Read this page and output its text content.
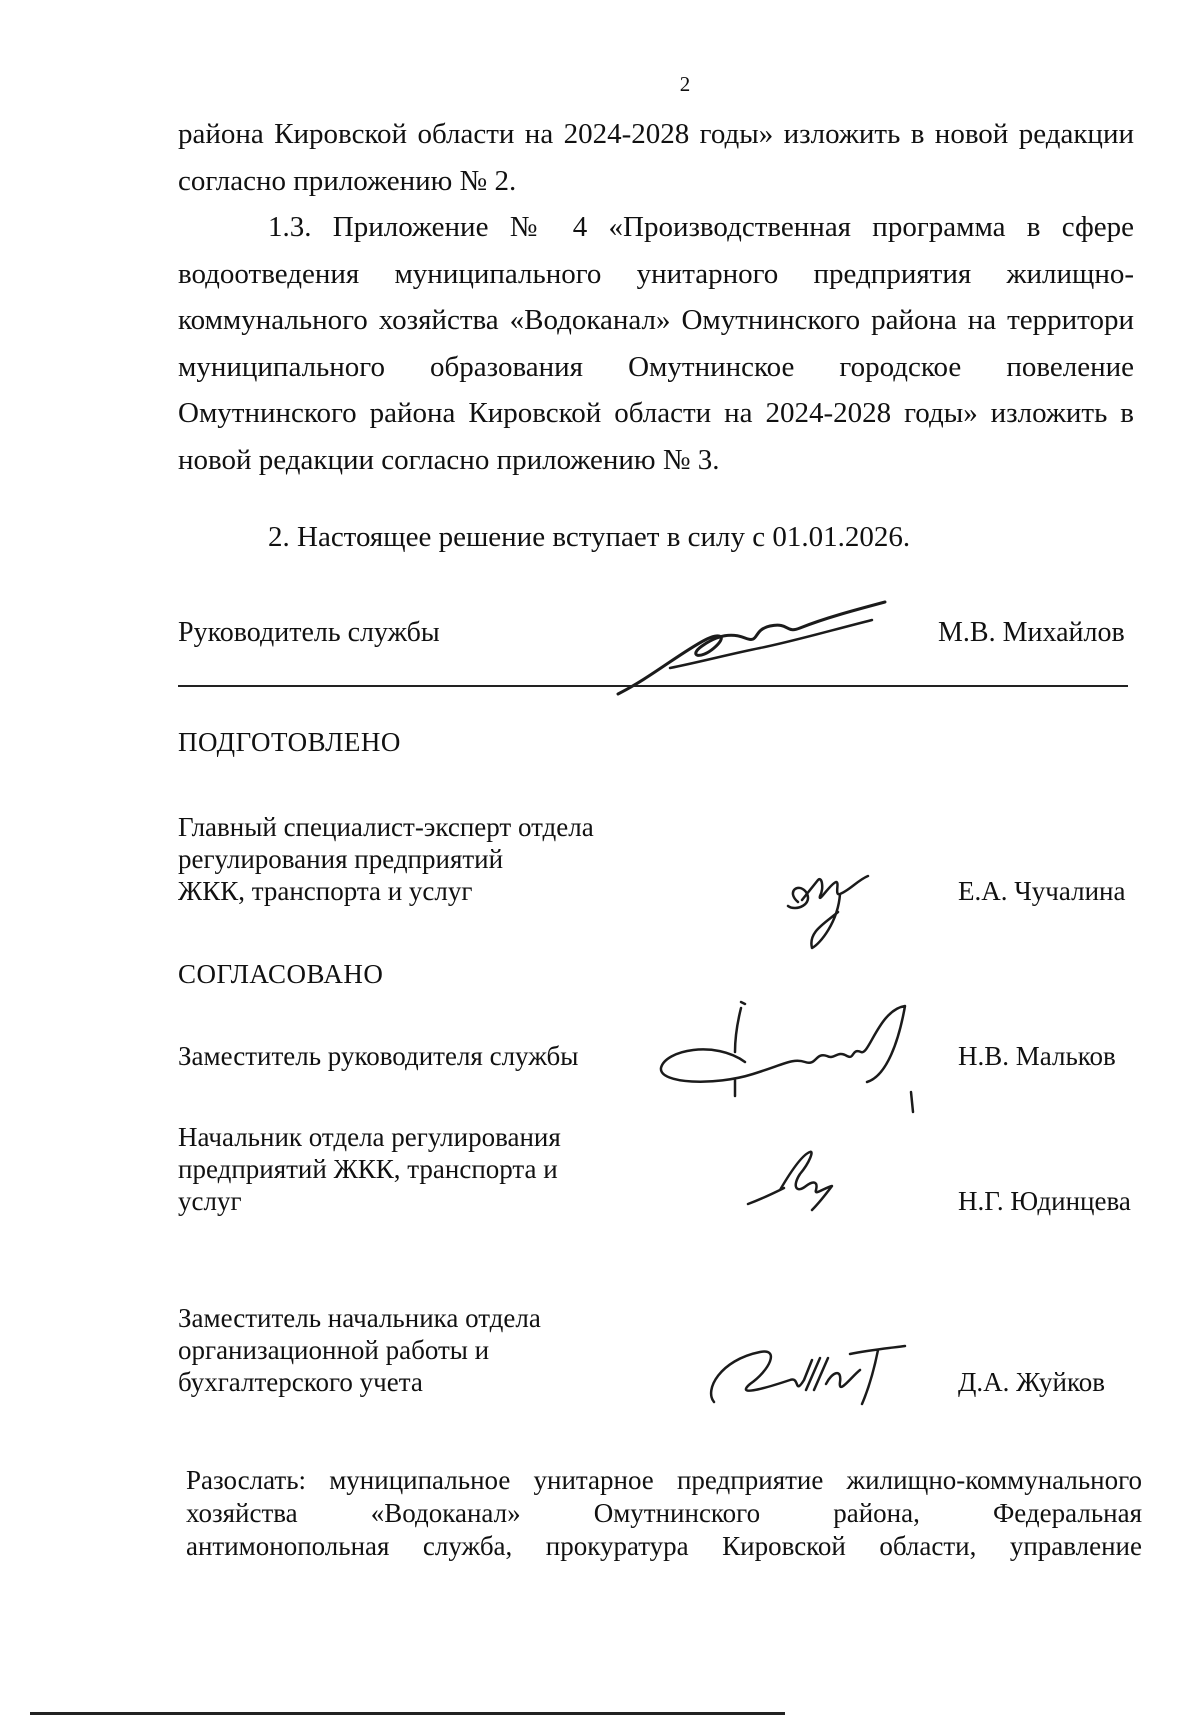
2
района Кировской области на 2024-2028 годы» изложить в новой редакции
согласно приложению № 2.
1.3. Приложение № 4 «Производственная программа в сфере
водоотведения муниципального унитарного предприятия жилищно-
коммунального хозяйства «Водоканал» Омутнинского района на территори
муниципального образования Омутнинское городское повеление
Омутнинского района Кировской области на 2024-2028 годы» изложить в
новой редакции согласно приложению № 3.
2. Настоящее решение вступает в силу с 01.01.2026.
Руководитель службы	М.В. Михайлов
ПОДГОТОВЛЕНО
Главный специалист-эксперт отдела
регулирования предприятий
ЖКК, транспорта и услуг	Е.А. Чучалина
СОГЛАСОВАНО
Заместитель руководителя службы	Н.В. Мальков
Начальник отдела регулирования
предприятий ЖКК, транспорта и
услуг	Н.Г. Юдинцева
Заместитель начальника отдела
организационной работы и
бухгалтерского учета	Д.А. Жуйков
Разослать: муниципальное унитарное предприятие жилищно-коммунального
хозяйства «Водоканал» Омутнинского района, Федеральная
антимонопольная служба, прокуратура Кировской области, управление
